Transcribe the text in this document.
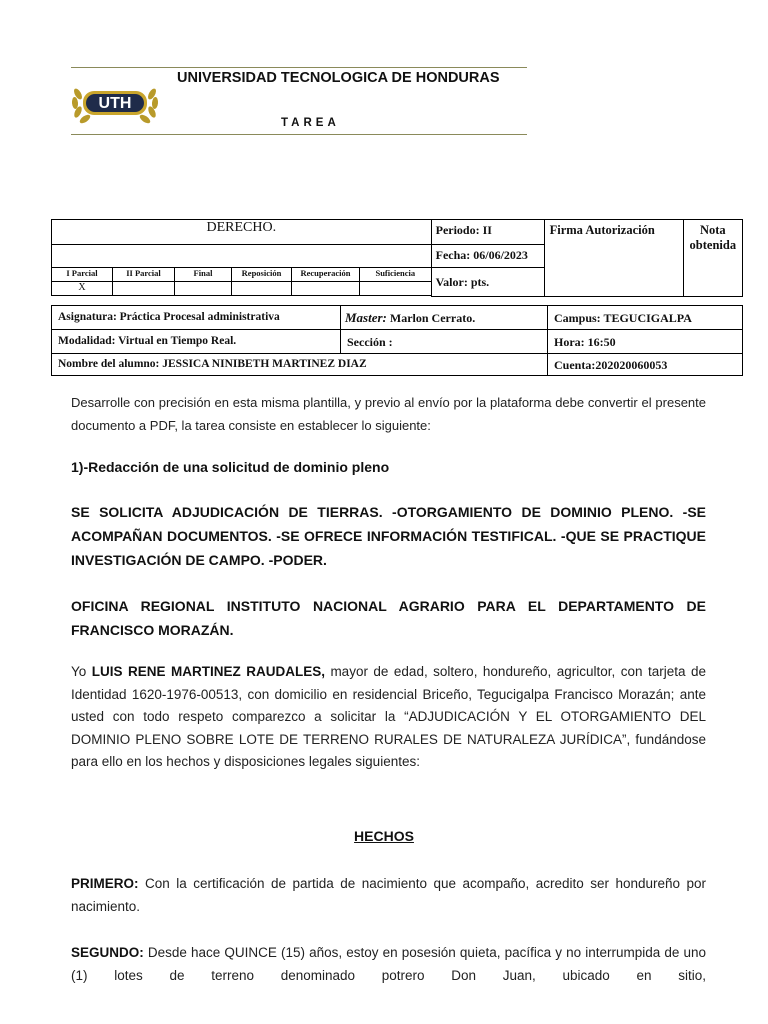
UTH
UNIVERSIDAD TECNOLOGICA DE HONDURAS
TAREA
DERECHO.						Periodo: II	Firma Autorización	Nota
obtenida

						Fecha: 06/06/2023		
I Parcial	II Parcial	Final	Reposición	Recuperación	Suficiencia	Valor: pts.		
X								

Asignatura: Práctica Procesal administrativa	Master: Marlon Cerrato.	Campus: TEGUCIGALPA
Modalidad: Virtual en Tiempo Real.	Sección :	Hora: 16:50
Nombre del alumno: JESSICA NINIBETH MARTINEZ DIAZ		Cuenta:202020060053
Desarrolle con precisión en esta misma plantilla, y previo al envío por la plataforma debe convertir el presente documento a PDF, la tarea consiste en establecer lo siguiente:
1)-Redacción de una solicitud de dominio pleno
SE SOLICITA ADJUDICACIÓN DE TIERRAS. -OTORGAMIENTO DE DOMINIO PLENO. -SE ACOMPAÑAN DOCUMENTOS. -SE OFRECE INFORMACIÓN TESTIFICAL. -QUE SE PRACTIQUE INVESTIGACIÓN DE CAMPO. -PODER.
OFICINA REGIONAL INSTITUTO NACIONAL AGRARIO PARA EL DEPARTAMENTO DE FRANCISCO MORAZÁN.
Yo LUIS RENE MARTINEZ RAUDALES, mayor de edad, soltero, hondureño, agricultor, con tarjeta de Identidad 1620-1976-00513, con domicilio en residencial Briceño, Tegucigalpa Francisco Morazán; ante usted con todo respeto comparezco a solicitar la “ADJUDICACIÓN Y EL OTORGAMIENTO DEL DOMINIO PLENO SOBRE LOTE DE TERRENO RURALES DE NATURALEZA JURÍDICA”, fundándose para ello en los hechos y disposiciones legales siguientes:
HECHOS
PRIMERO: Con la certificación de partida de nacimiento que acompaño, acredito ser hondureño por nacimiento.
SEGUNDO: Desde hace QUINCE (15) años, estoy en posesión quieta, pacífica y no interrumpida de uno (1) lotes de terreno denominado potrero Don Juan, ubicado en sitio,
